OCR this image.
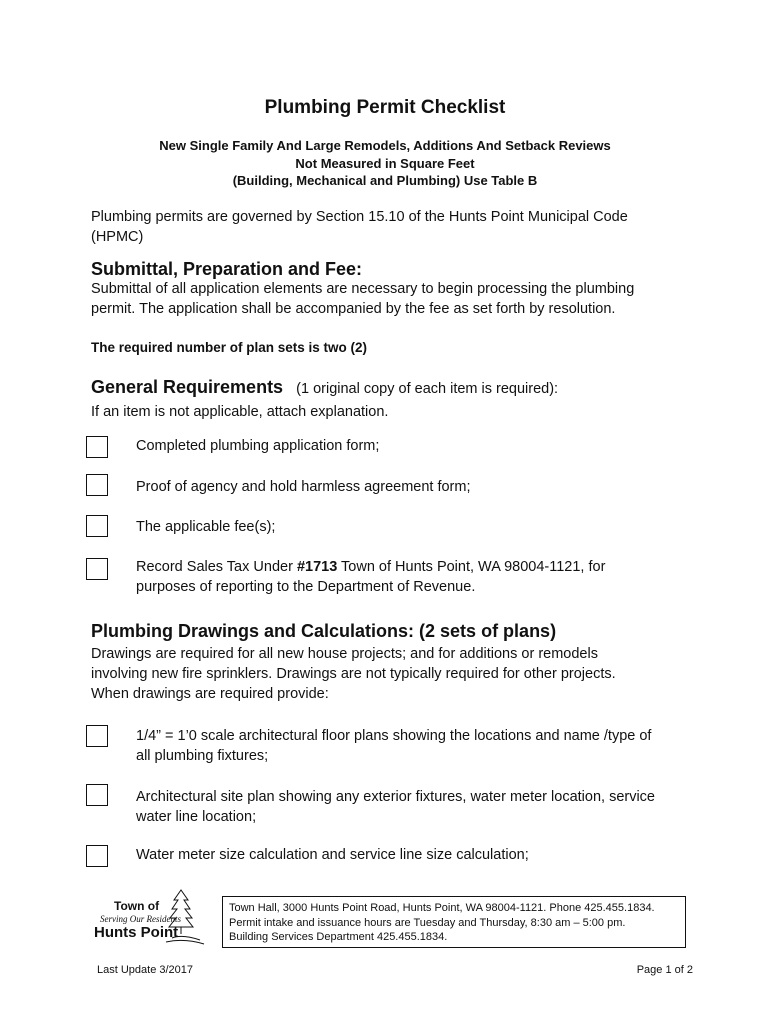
Plumbing Permit Checklist
New Single Family And Large Remodels, Additions And Setback Reviews
Not Measured in Square Feet
(Building, Mechanical and Plumbing) Use Table B
Plumbing permits are governed by Section 15.10 of the Hunts Point Municipal Code
(HPMC)
Submittal, Preparation and Fee:
Submittal of all application elements are necessary to begin processing the plumbing
permit. The application shall be accompanied by the fee as set forth by resolution.
The required number of plan sets is two (2)
General Requirements (1 original copy of each item is required):
If an item is not applicable, attach explanation.
Completed plumbing application form;
Proof of agency and hold harmless agreement form;
The applicable fee(s);
Record Sales Tax Under #1713 Town of Hunts Point, WA 98004-1121, for
purposes of reporting to the Department of Revenue.
Plumbing Drawings and Calculations: (2 sets of plans)
Drawings are required for all new house projects; and for additions or remodels
involving new fire sprinklers. Drawings are not typically required for other projects.
When drawings are required provide:
1/4” = 1’0 scale architectural floor plans showing the locations and name /type of
all plumbing fixtures;
Architectural site plan showing any exterior fixtures, water meter location, service
water line location;
Water meter size calculation and service line size calculation;
Town of
Serving Our Residents
Hunts Point
Town Hall, 3000 Hunts Point Road, Hunts Point, WA 98004-1121. Phone 425.455.1834.
Permit intake and issuance hours are Tuesday and Thursday, 8:30 am – 5:00 pm.
Building Services Department 425.455.1834.
Last Update 3/2017	Page 1 of 2
